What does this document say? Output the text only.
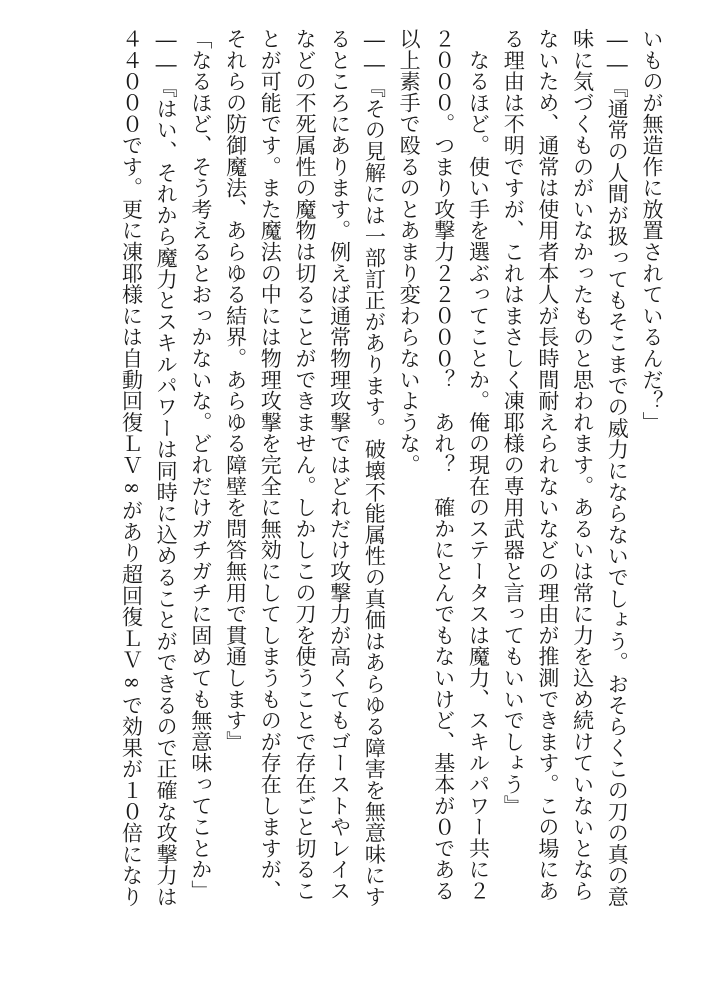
いものが無造作に放置されているんだ？」
――『通常の人間が扱ってもそこまでの威力にならないでしょう。おそらくこの刀の真の意
味に気づくものがいなかったものと思われます。あるいは常に力を込め続けていないとなら
ないため、通常は使用者本人が長時間耐えられないなどの理由が推測できます。この場にあ
る理由は不明ですが、これはまさしく凍耶様の専用武器と言ってもいいでしょう』
　なるほど。使い手を選ぶってことか。俺の現在のステータスは魔力、スキルパワー共に２
２０００。つまり攻撃力２２０００？　あれ？　確かにとんでもないけど、基本が０である
以上素手で殴るのとあまり変わらないような。
――『その見解には一部訂正があります。破壊不能属性の真価はあらゆる障害を無意味にす
るところにあります。例えば通常物理攻撃ではどれだけ攻撃力が高くてもゴーストやレイス
などの不死属性の魔物は切ることができません。しかしこの刀を使うことで存在ごと切るこ
とが可能です。また魔法の中には物理攻撃を完全に無効にしてしまうものが存在しますが、
それらの防御魔法、あらゆる結界。あらゆる障壁を問答無用で貫通します』
「なるほど、そう考えるとおっかないな。どれだけガチガチに固めても無意味ってことか」
――『はい、それから魔力とスキルパワーは同時に込めることができるので正確な攻撃力は
４４０００です。更に凍耶様には自動回復ＬＶ∞があり超回復ＬＶ∞で効果が１０倍になり
